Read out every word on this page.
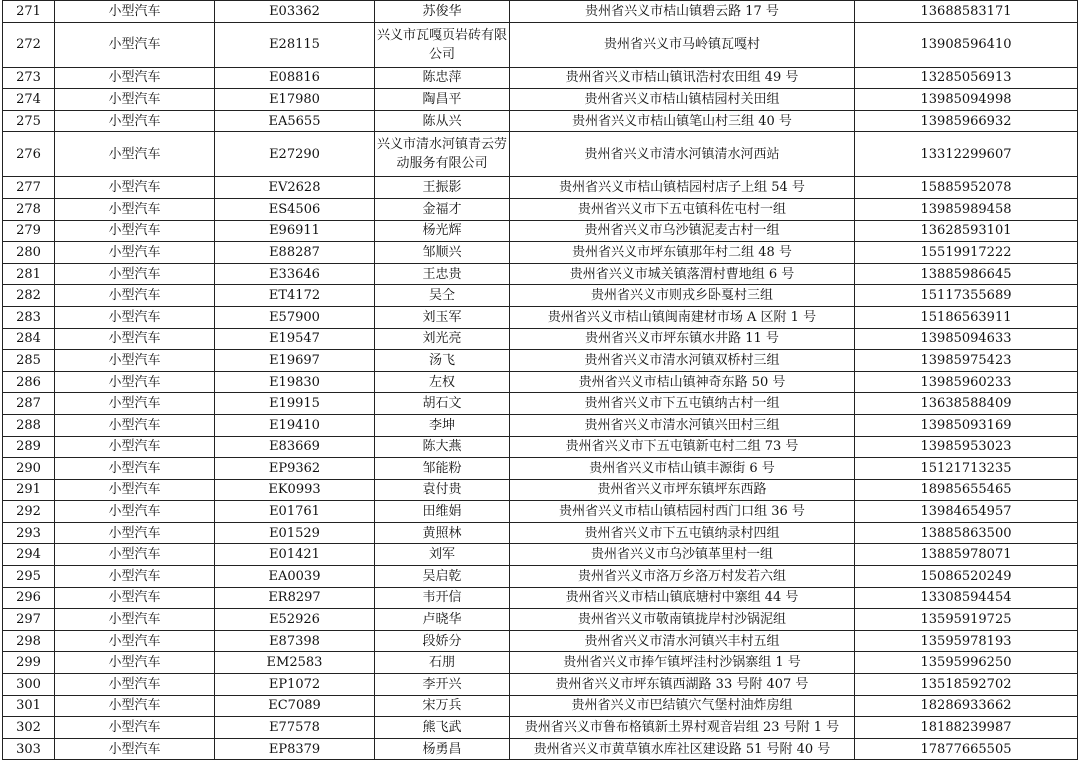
271	小型汽车	E03362	苏俊华	贵州省兴义市桔山镇碧云路 17 号	13688583171
272	小型汽车	E28115	兴义市瓦嘎页岩砖有限公司	贵州省兴义市马岭镇瓦嘎村	13908596410
273	小型汽车	E08816	陈忠萍	贵州省兴义市桔山镇讯浩村农田组 49 号	13285056913
274	小型汽车	E17980	陶昌平	贵州省兴义市桔山镇桔园村关田组	13985094998
275	小型汽车	EA5655	陈从兴	贵州省兴义市桔山镇笔山村三组 40 号	13985966932
276	小型汽车	E27290	兴义市清水河镇青云劳动服务有限公司	贵州省兴义市清水河镇清水河西站	13312299607
277	小型汽车	EV2628	王振影	贵州省兴义市桔山镇桔园村店子上组 54 号	15885952078
278	小型汽车	ES4506	金福才	贵州省兴义市下五屯镇科佐屯村一组	13985989458
279	小型汽车	E96911	杨光辉	贵州省兴义市乌沙镇泥麦古村一组	13628593101
280	小型汽车	E88287	邹顺兴	贵州省兴义市坪东镇那年村二组 48 号	15519917222
281	小型汽车	E33646	王忠贵	贵州省兴义市城关镇落渭村曹地组 6 号	13885986645
282	小型汽车	ET4172	吴仝	贵州省兴义市则戎乡卧戛村三组	15117355689
283	小型汽车	E57900	刘玉军	贵州省兴义市桔山镇闽南建材市场 A 区附 1 号	15186563911
284	小型汽车	E19547	刘光亮	贵州省兴义市坪东镇水井路 11 号	13985094633
285	小型汽车	E19697	汤飞	贵州省兴义市清水河镇双桥村三组	13985975423
286	小型汽车	E19830	左权	贵州省兴义市桔山镇神奇东路 50 号	13985960233
287	小型汽车	E19915	胡石文	贵州省兴义市下五屯镇纳古村一组	13638588409
288	小型汽车	E19410	李坤	贵州省兴义市清水河镇兴田村三组	13985093169
289	小型汽车	E83669	陈大燕	贵州省兴义市下五屯镇新屯村二组 73 号	13985953023
290	小型汽车	EP9362	邹能粉	贵州省兴义市桔山镇丰源街 6 号	15121713235
291	小型汽车	EK0993	袁付贵	贵州省兴义市坪东镇坪东西路	18985655465
292	小型汽车	E01761	田维娟	贵州省兴义市桔山镇桔园村西门口组 36 号	13984654957
293	小型汽车	E01529	黄照林	贵州省兴义市下五屯镇纳录村四组	13885863500
294	小型汽车	E01421	刘军	贵州省兴义市乌沙镇革里村一组	13885978071
295	小型汽车	EA0039	吴启乾	贵州省兴义市洛万乡洛万村发若六组	15086520249
296	小型汽车	ER8297	韦开信	贵州省兴义市桔山镇底塘村中寨组 44 号	13308594454
297	小型汽车	E52926	卢晓华	贵州省兴义市敬南镇拢岸村沙锅泥组	13595919725
298	小型汽车	E87398	段娇分	贵州省兴义市清水河镇兴丰村五组	13595978193
299	小型汽车	EM2583	石朋	贵州省兴义市捧乍镇坪洼村沙锅寨组 1 号	13595996250
300	小型汽车	EP1072	李开兴	贵州省兴义市坪东镇西湖路 33 号附 407 号	13518592702
301	小型汽车	EC7089	宋万兵	贵州省兴义市巴结镇穴气堡村油炸房组	18286933662
302	小型汽车	E77578	熊飞武	贵州省兴义市鲁布格镇新土界村观音岩组 23 号附 1 号	18188239987
303	小型汽车	EP8379	杨勇昌	贵州省兴义市黄草镇水库社区建设路 51 号附 40 号	17877665505
